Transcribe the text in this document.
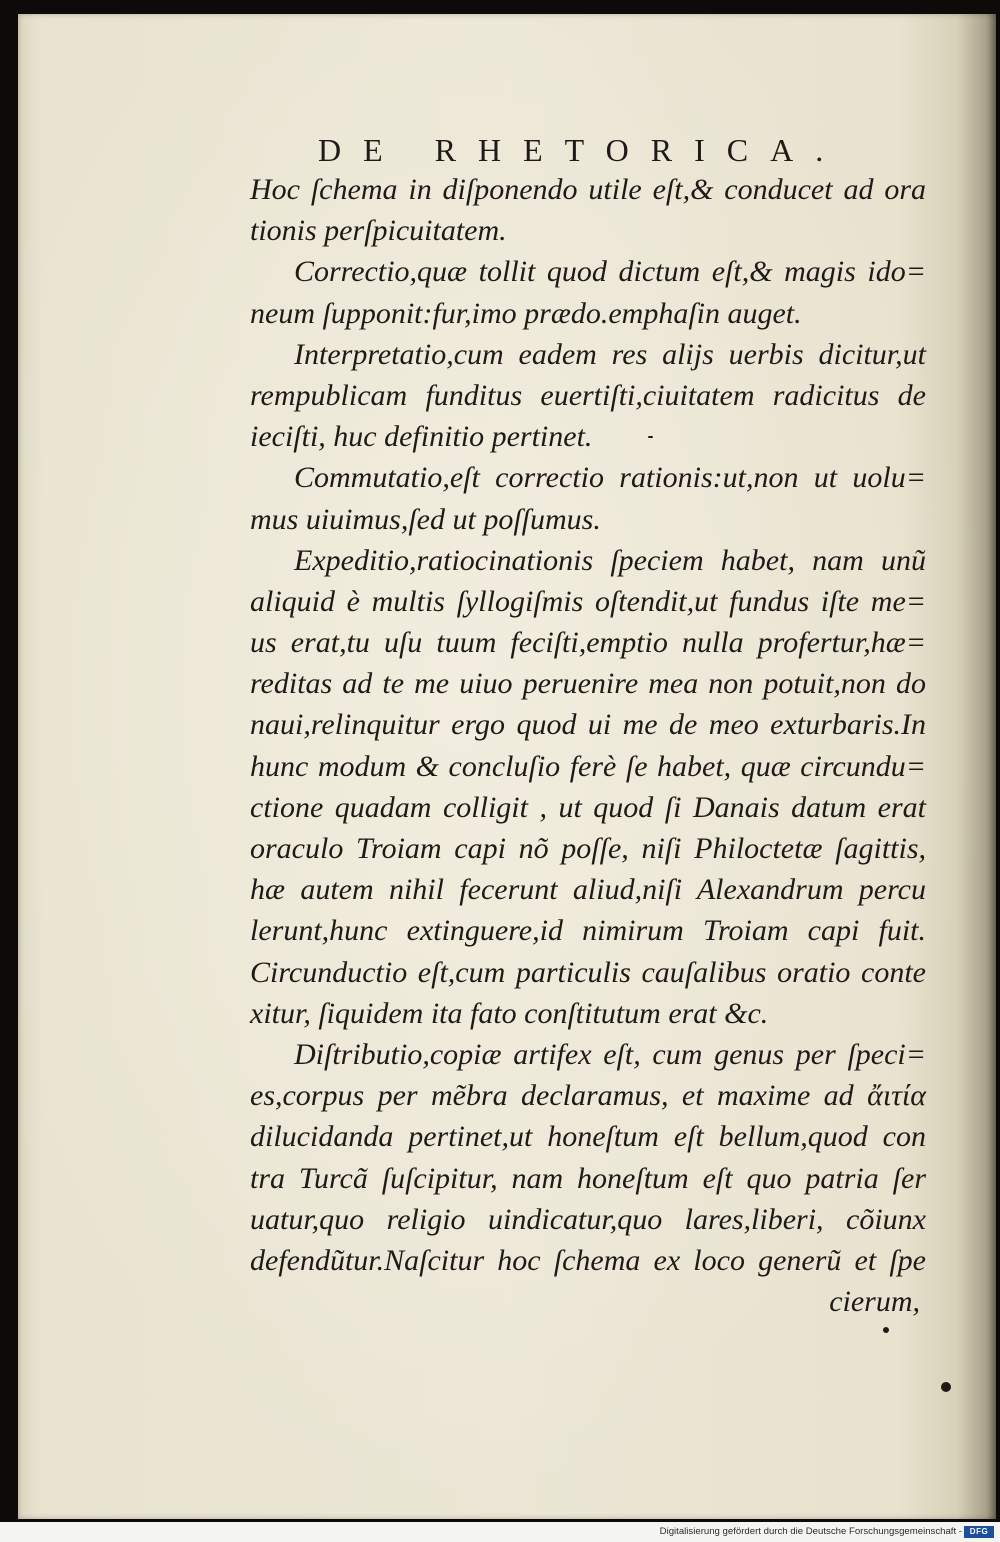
DE RHETORICA.
Hoc ſchema in diſponendo utile eſt,& conducet ad ora
tionis perſpicuitatem.
Correctio,quæ tollit quod dictum eſt,& magis ido=
neum ſupponit:fur,imo prædo.emphaſin auget.
Interpretatio,cum eadem res alijs uerbis dicitur,ut
rempublicam funditus euertiſti,ciuitatem radicitus de
ieciſti, huc definitio pertinet.
Commutatio,eſt correctio rationis:ut,non ut uolu=
mus uiuimus,ſed ut poſſumus.
Expeditio,ratiocinationis ſpeciem habet, nam unũ
aliquid è multis ſyllogiſmis oſtendit,ut fundus iſte me=
us erat,tu uſu tuum feciſti,emptio nulla profertur,hæ=
reditas ad te me uiuo peruenire mea non potuit,non do
naui,relinquitur ergo quod ui me de meo exturbaris.In
hunc modum & concluſio ferè ſe habet, quæ circundu=
ctione quadam colligit , ut quod ſi Danais datum erat
oraculo Troiam capi nõ poſſe, niſi Philoctetæ ſagittis,
hæ autem nihil fecerunt aliud,niſi Alexandrum percu
lerunt,hunc extinguere,id nimirum Troiam capi fuit.
Circunductio eſt,cum particulis cauſalibus oratio conte
xitur, ſiquidem ita fato conſtitutum erat &c.
Diſtributio,copiæ artifex eſt, cum genus per ſpeci=
es,corpus per mẽbra declaramus, et maxime ad ἄιτία
dilucidanda pertinet,ut honeſtum eſt bellum,quod con
tra Turcã ſuſcipitur, nam honeſtum eſt quo patria ſer
uatur,quo religio uindicatur,quo lares,liberi, cõiunx
defendũtur.Naſcitur hoc ſchema ex loco generũ et ſpe
cierum,
Digitalisierung gefördert durch die Deutsche Forschungsgemeinschaft - DFG
